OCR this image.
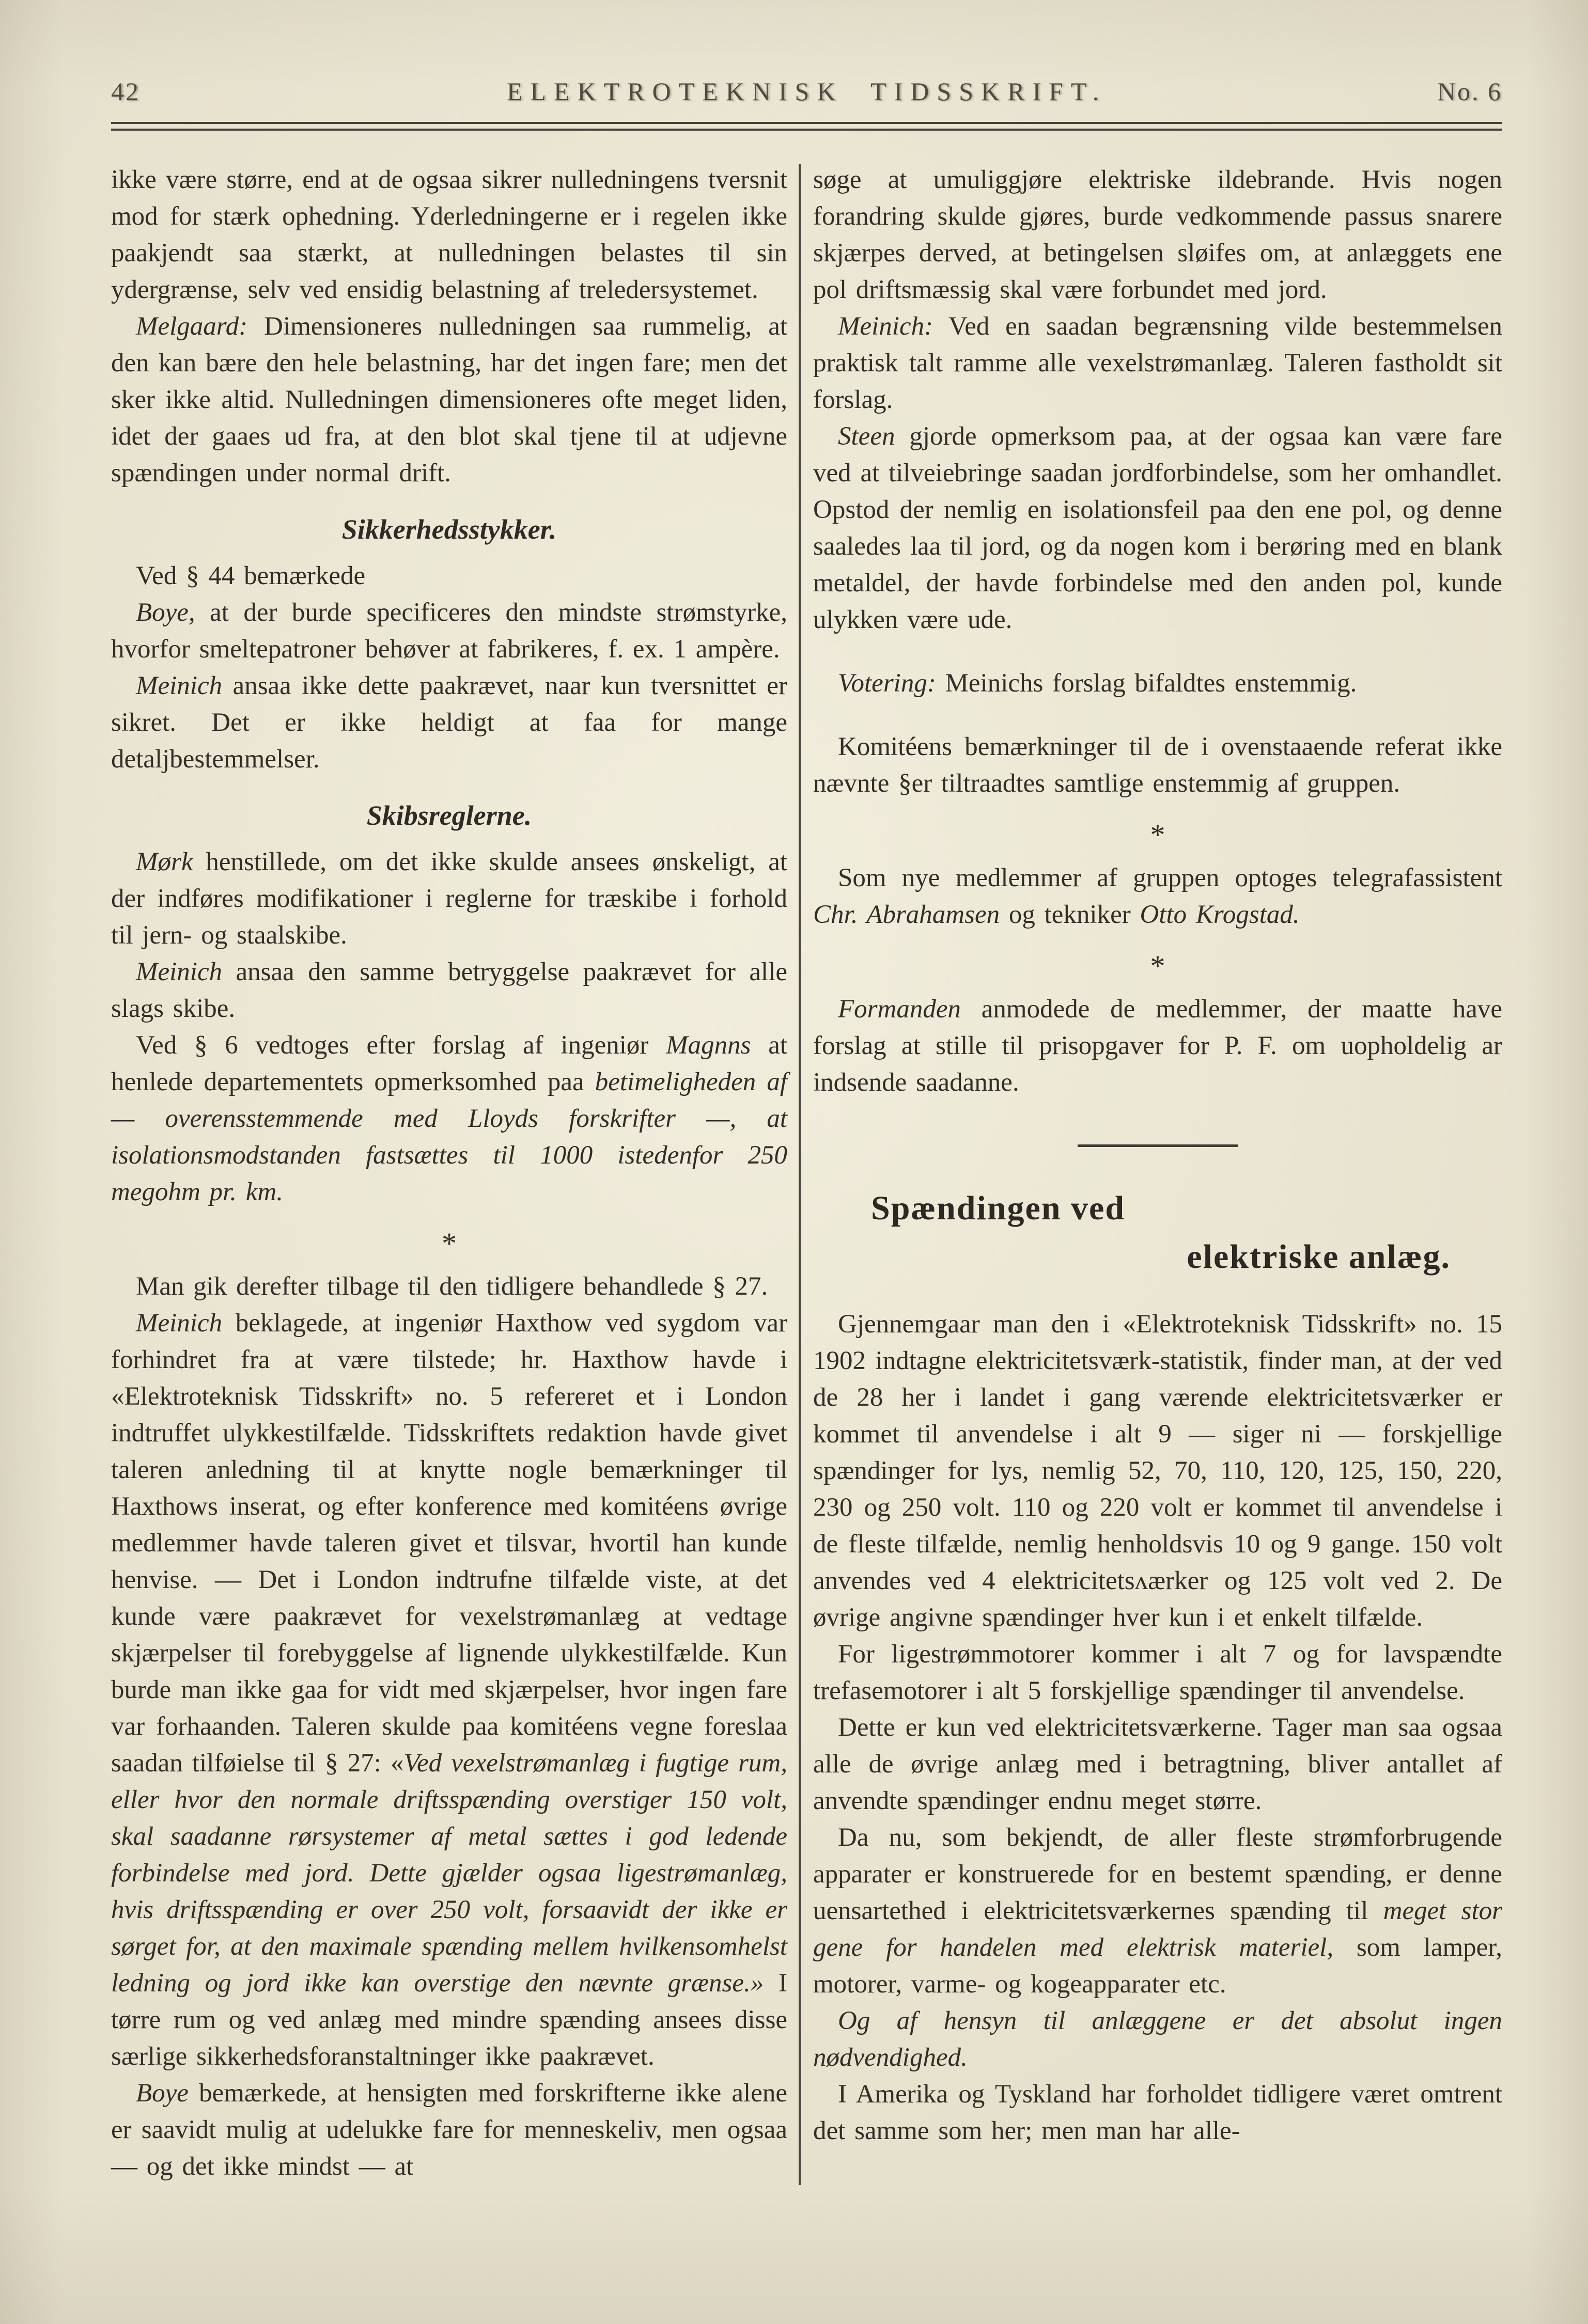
42	ELEKTROTEKNISK TIDSSKRIFT.	No. 6

ikke være større, end at de ogsaa sikrer nulledningens tversnit mod for stærk ophedning. Yderledningerne er i regelen ikke paakjendt saa stærkt, at nulledningen belastes til sin ydergrænse, selv ved ensidig belastning af treledersystemet.

Melgaard: Dimensioneres nulledningen saa rummelig, at den kan bære den hele belastning, har det ingen fare; men det sker ikke altid. Nulledningen dimensioneres ofte meget liden, idet der gaaes ud fra, at den blot skal tjene til at udjevne spændingen under normal drift.

Sikkerhedsstykker.

Ved § 44 bemærkede

Boye, at der burde specificeres den mindste strømstyrke, hvorfor smeltepatroner behøver at fabrikeres, f. ex. 1 ampère.

Meinich ansaa ikke dette paakrævet, naar kun tversnittet er sikret. Det er ikke heldigt at faa for mange detaljbestemmelser.

Skibsreglerne.

Mørk henstillede, om det ikke skulde ansees ønskeligt, at der indføres modifikationer i reglerne for træskibe i forhold til jern- og staalskibe.

Meinich ansaa den samme betryggelse paakrævet for alle slags skibe.

Ved § 6 vedtoges efter forslag af ingeniør Magnns at henlede departementets opmerksomhed paa betimeligheden af — overensstemmende med Lloyds forskrifter —, at isolationsmodstanden fastsættes til 1000 istedenfor 250 megohm pr. km.

*

Man gik derefter tilbage til den tidligere behandlede § 27.

Meinich beklagede, at ingeniør Haxthow ved sygdom var forhindret fra at være tilstede; hr. Haxthow havde i «Elektroteknisk Tidsskrift» no. 5 refereret et i London indtruffet ulykkestilfælde. Tidsskriftets redaktion havde givet taleren anledning til at knytte nogle bemærkninger til Haxthows inserat, og efter konference med komitéens øvrige medlemmer havde taleren givet et tilsvar, hvortil han kunde henvise. — Det i London indtrufne tilfælde viste, at det kunde være paakrævet for vexelstrømanlæg at vedtage skjærpelser til forebyggelse af lignende ulykkestilfælde. Kun burde man ikke gaa for vidt med skjærpelser, hvor ingen fare var forhaanden. Taleren skulde paa komitéens vegne foreslaa saadan tilføielse til § 27: «Ved vexelstrømanlæg i fugtige rum, eller hvor den normale driftsspænding overstiger 150 volt, skal saadanne rørsystemer af metal sættes i god ledende forbindelse med jord. Dette gjælder ogsaa ligestrømanlæg, hvis driftsspænding er over 250 volt, forsaavidt der ikke er sørget for, at den maximale spænding mellem hvilkensomhelst ledning og jord ikke kan overstige den nævnte grænse.» I tørre rum og ved anlæg med mindre spænding ansees disse særlige sikkerhedsforanstaltninger ikke paakrævet.

Boye bemærkede, at hensigten med forskrifterne ikke alene er saavidt mulig at udelukke fare for menneskeliv, men ogsaa — og det ikke mindst — at

søge at umuliggjøre elektriske ildebrande. Hvis nogen forandring skulde gjøres, burde vedkommende passus snarere skjærpes derved, at betingelsen sløifes om, at anlæggets ene pol driftsmæssig skal være forbundet med jord.

Meinich: Ved en saadan begrænsning vilde bestemmelsen praktisk talt ramme alle vexelstrømanlæg. Taleren fastholdt sit forslag.

Steen gjorde opmerksom paa, at der ogsaa kan være fare ved at tilveiebringe saadan jordforbindelse, som her omhandlet. Opstod der nemlig en isolationsfeil paa den ene pol, og denne saaledes laa til jord, og da nogen kom i berøring med en blank metaldel, der havde forbindelse med den anden pol, kunde ulykken være ude.

Votering: Meinichs forslag bifaldtes enstemmig.

Komitéens bemærkninger til de i ovenstaaende referat ikke nævnte §er tiltraadtes samtlige enstemmig af gruppen.

*

Som nye medlemmer af gruppen optoges telegrafassistent Chr. Abrahamsen og tekniker Otto Krogstad.

*

Formanden anmodede de medlemmer, der maatte have forslag at stille til prisopgaver for P. F. om uopholdelig ar indsende saadanne.

Spændingen ved
elektriske anlæg.

Gjennemgaar man den i «Elektroteknisk Tidsskrift» no. 15 1902 indtagne elektricitetsværk-statistik, finder man, at der ved de 28 her i landet i gang værende elektricitetsværker er kommet til anvendelse i alt 9 — siger ni — forskjellige spændinger for lys, nemlig 52, 70, 110, 120, 125, 150, 220, 230 og 250 volt. 110 og 220 volt er kommet til anvendelse i de fleste tilfælde, nemlig henholdsvis 10 og 9 gange. 150 volt anvendes ved 4 elektricitetsʌærker og 125 volt ved 2. De øvrige angivne spændinger hver kun i et enkelt tilfælde.

For ligestrømmotorer kommer i alt 7 og for lavspændte trefasemotorer i alt 5 forskjellige spændinger til anvendelse.

Dette er kun ved elektricitetsværkerne. Tager man saa ogsaa alle de øvrige anlæg med i betragtning, bliver antallet af anvendte spændinger endnu meget større.

Da nu, som bekjendt, de aller fleste strømforbrugende apparater er konstruerede for en bestemt spænding, er denne uensartethed i elektricitetsværkernes spænding til meget stor gene for handelen med elektrisk materiel, som lamper, motorer, varme- og kogeapparater etc.

Og af hensyn til anlæggene er det absolut ingen nødvendighed.

I Amerika og Tyskland har forholdet tidligere været omtrent det samme som her; men man har alle-
